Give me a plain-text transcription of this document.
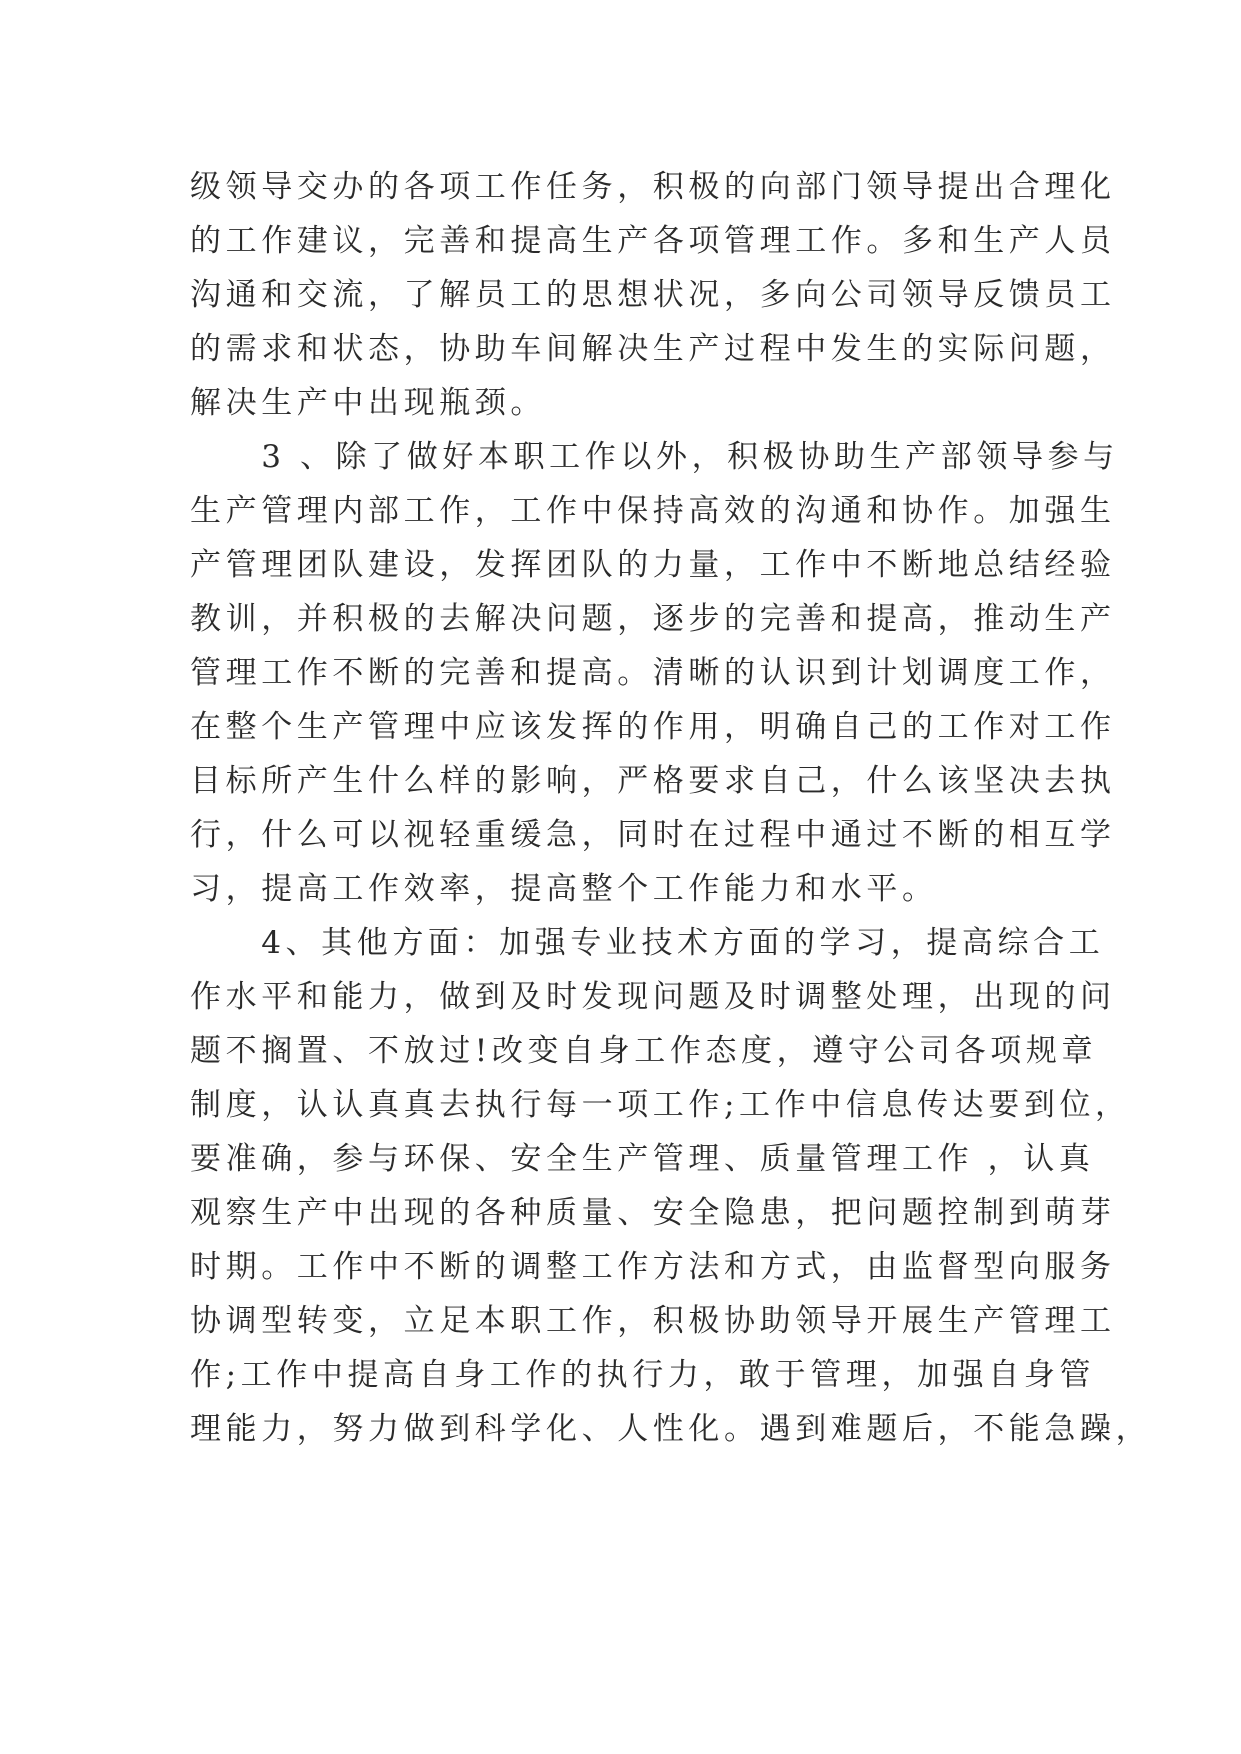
级领导交办的各项工作任务，积极的向部门领导提出合理化
的工作建议，完善和提高生产各项管理工作。多和生产人员
沟通和交流，了解员工的思想状况，多向公司领导反馈员工
的需求和状态，协助车间解决生产过程中发生的实际问题，
解决生产中出现瓶颈。
　　3 、除了做好本职工作以外，积极协助生产部领导参与
生产管理内部工作，工作中保持高效的沟通和协作。加强生
产管理团队建设，发挥团队的力量，工作中不断地总结经验
教训，并积极的去解决问题，逐步的完善和提高，推动生产
管理工作不断的完善和提高。清晰的认识到计划调度工作，
在整个生产管理中应该发挥的作用，明确自己的工作对工作
目标所产生什么样的影响，严格要求自己，什么该坚决去执
行，什么可以视轻重缓急，同时在过程中通过不断的相互学
习，提高工作效率，提高整个工作能力和水平。
　　4、其他方面：加强专业技术方面的学习，提高综合工
作水平和能力，做到及时发现问题及时调整处理，出现的问
题不搁置、不放过!改变自身工作态度，遵守公司各项规章
制度，认认真真去执行每一项工作;工作中信息传达要到位，
要准确，参与环保、安全生产管理、质量管理工作 ，认真
观察生产中出现的各种质量、安全隐患，把问题控制到萌芽
时期。工作中不断的调整工作方法和方式，由监督型向服务
协调型转变，立足本职工作，积极协助领导开展生产管理工
作;工作中提高自身工作的执行力，敢于管理，加强自身管
理能力，努力做到科学化、人性化。遇到难题后，不能急躁，
